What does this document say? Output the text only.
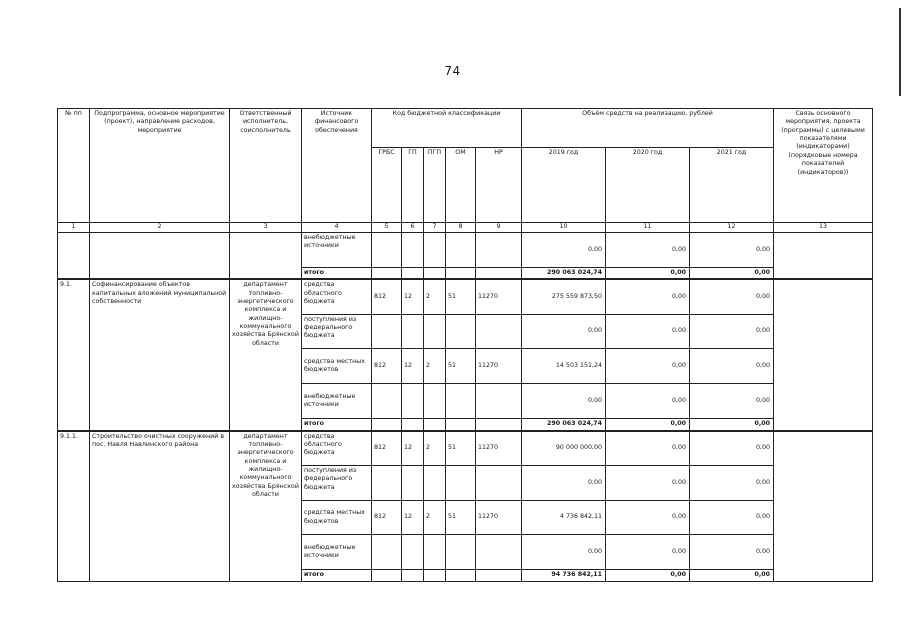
74
№ пп	Подпрограмма, основное мероприятие (проект), направление расходов, мероприятие	Ответственный исполнитель, соисполнитель	Источник финансового обеспечения	Код бюджетной классификации					Объём средств на реализацию, рублей			Связь основного мероприятия, проекта (программы) с целевыми показателями (индикаторами) (порядковые номера показателей (индикаторов))
				ГРБС	ГП	ПГП	ОМ	НР	2019 год	2020 год	2021 год	
1	2	3	4	5	6	7	8	9	10	11	12	13
			внебюджетные источники						0,00	0,00	0,00	
			итого						290 063 024,74	0,00	0,00	
9.1.	Софинансирование объектов капитальных вложений муниципальной собственности	департамент топливно-энергетического комплекса и жилищно-коммунального хозяйства Брянской области	средства областного бюджета	812	12	2	51	11270	275 559 873,50	0,00	0,00	
			поступления из федерального бюджета						0,00	0,00	0,00	
			средства местных бюджетов	812	12	2	51	11270	14 503 151,24	0,00	0,00	
			внебюджетные источники						0,00	0,00	0,00	
			итого						290 063 024,74	0,00	0,00	
9.1.1.	Строительство очистных сооружений в пос. Навля Навлинского района	департамент топливно-энергетического комплекса и жилищно-коммунального хозяйства Брянской области	средства областного бюджета	812	12	2	51	11270	90 000 000,00	0,00	0,00	
			поступления из федерального бюджета						0,00	0,00	0,00	
			средства местных бюджетов	812	12	2	51	11270	4 736 842,11	0,00	0,00	
			внебюджетные источники						0,00	0,00	0,00	
			итого						94 736 842,11	0,00	0,00	
